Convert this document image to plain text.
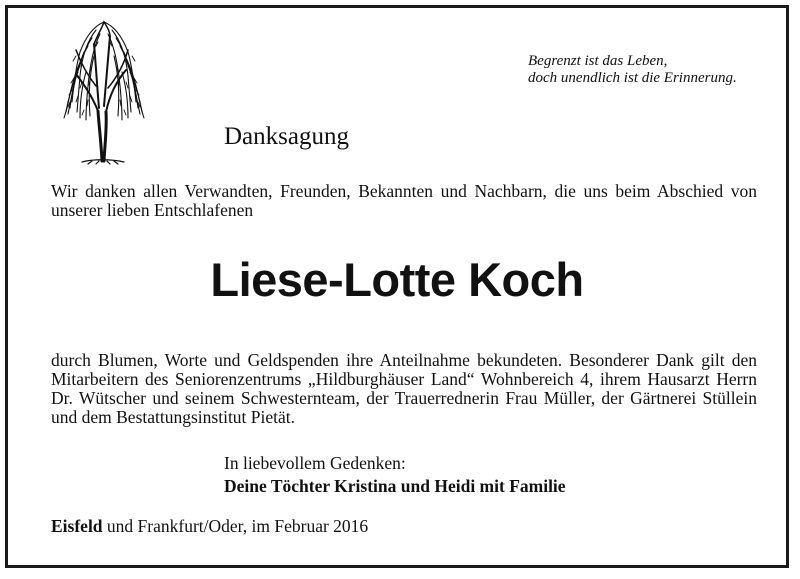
Begrenzt ist das Leben,
doch unendlich ist die Erinnerung.
Danksagung
Wir danken allen Verwandten, Freunden, Bekannten und Nachbarn, die uns beim Abschied von unserer lieben Entschlafenen
Liese-Lotte Koch
durch Blumen, Worte und Geldspenden ihre Anteilnahme bekundeten. Besonderer Dank gilt den Mitarbeitern des Seniorenzentrums „Hildburghäuser Land“ Wohnbereich 4, ihrem Hausarzt Herrn Dr. Wütscher und seinem Schwesternteam, der Trauerrednerin Frau Müller, der Gärtnerei Stüllein und dem Bestattungsinstitut Pietät.
In liebevollem Gedenken:
Deine Töchter Kristina und Heidi mit Familie
Eisfeld und Frankfurt/Oder, im Februar 2016
